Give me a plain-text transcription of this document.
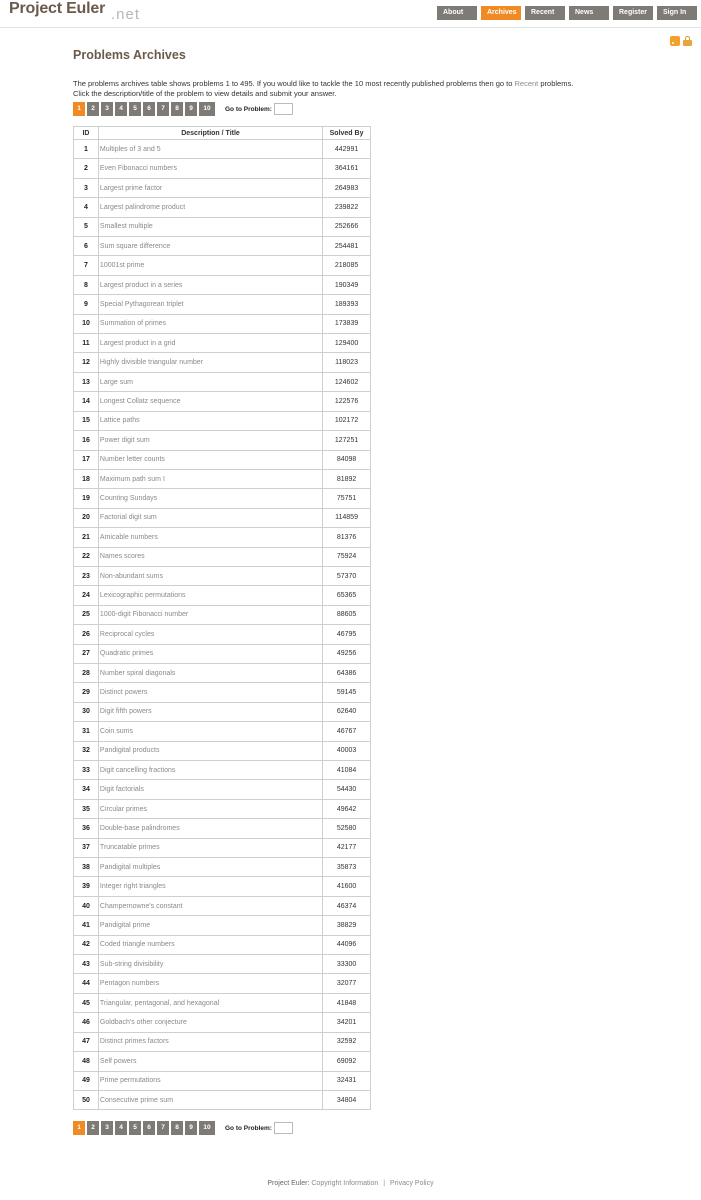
Project Euler .net	About	Archives	Recent	News	Register	Sign In
Problems Archives
The problems archives table shows problems 1 to 495. If you would like to tackle the 10 most recently published problems then go to Recent problems.
Click the description/title of the problem to view details and submit your answer.
1	2	3	4	5	6	7	8	9	10	Go to Problem:
ID	Description / Title	Solved By
1	Multiples of 3 and 5	442991
2	Even Fibonacci numbers	364161
3	Largest prime factor	264983
4	Largest palindrome product	239822
5	Smallest multiple	252666
6	Sum square difference	254481
7	10001st prime	218085
8	Largest product in a series	190349
9	Special Pythagorean triplet	189393
10	Summation of primes	173839
11	Largest product in a grid	129400
12	Highly divisible triangular number	118023
13	Large sum	124602
14	Longest Collatz sequence	122576
15	Lattice paths	102172
16	Power digit sum	127251
17	Number letter counts	84098
18	Maximum path sum I	81892
19	Counting Sundays	75751
20	Factorial digit sum	114859
21	Amicable numbers	81376
22	Names scores	75924
23	Non-abundant sums	57370
24	Lexicographic permutations	65365
25	1000-digit Fibonacci number	88605
26	Reciprocal cycles	46795
27	Quadratic primes	49256
28	Number spiral diagonals	64386
29	Distinct powers	59145
30	Digit fifth powers	62640
31	Coin sums	46767
32	Pandigital products	40003
33	Digit cancelling fractions	41084
34	Digit factorials	54430
35	Circular primes	49642
36	Double-base palindromes	52580
37	Truncatable primes	42177
38	Pandigital multiples	35873
39	Integer right triangles	41600
40	Champernowne's constant	46374
41	Pandigital prime	38829
42	Coded triangle numbers	44096
43	Sub-string divisibility	33300
44	Pentagon numbers	32077
45	Triangular, pentagonal, and hexagonal	41848
46	Goldbach's other conjecture	34201
47	Distinct primes factors	32592
48	Self powers	69092
49	Prime permutations	32431
50	Consecutive prime sum	34804
1	2	3	4	5	6	7	8	9	10	Go to Problem:
Project Euler: Copyright Information | Privacy Policy
